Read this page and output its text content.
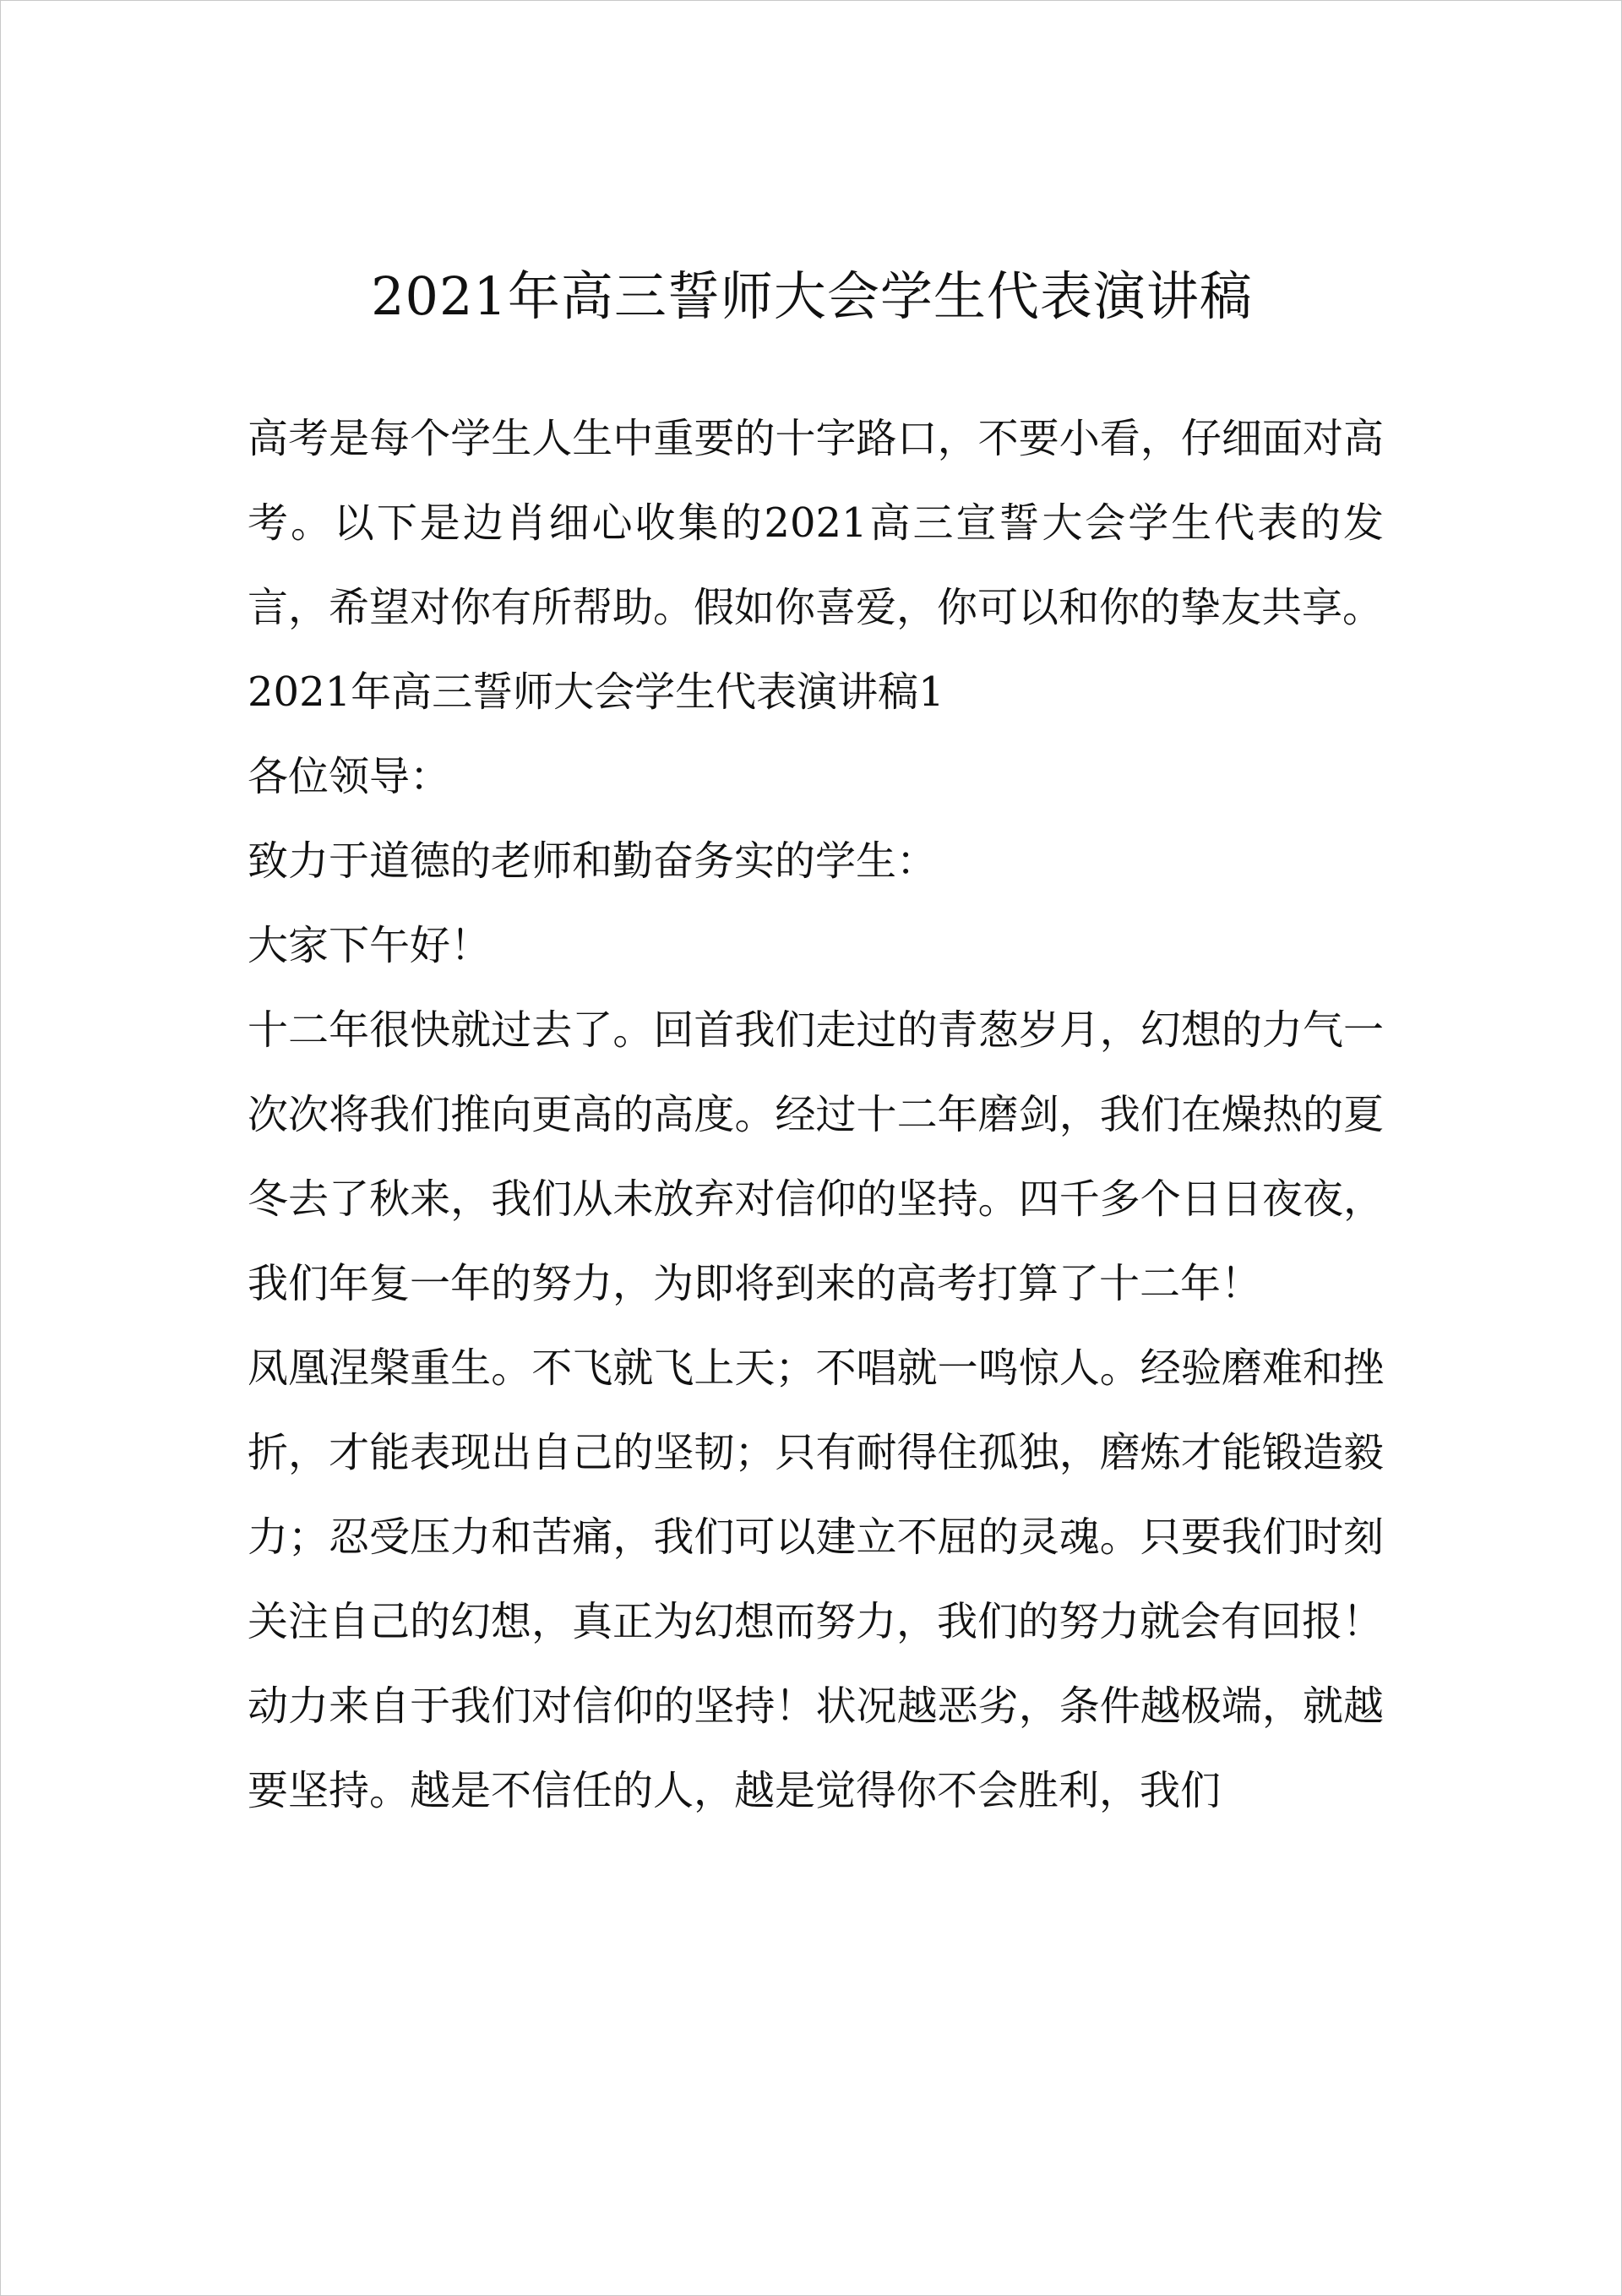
2021年高三誓师大会学生代表演讲稿

高考是每个学生人生中重要的十字路口，不要小看，仔细面对高考。以下是边肖细心收集的2021高三宣誓大会学生代表的发言，希望对你有所帮助。假如你喜爱，你可以和你的挚友共享。

2021年高三誓师大会学生代表演讲稿1

各位领导：

致力于道德的老师和勤奋务实的学生：

大家下午好！

十二年很快就过去了。回首我们走过的青葱岁月，幻想的力气一次次将我们推向更高的高度。经过十二年磨剑，我们在燥热的夏冬去了秋来，我们从未放弃对信仰的坚持。四千多个日日夜夜，我们年复一年的努力，为即将到来的高考打算了十二年！

凤凰涅槃重生。不飞就飞上天；不唱就一鸣惊人。经验磨难和挫折，才能表现出自己的坚韧；只有耐得住孤独，磨炼才能锻造毅力；忍受压力和苦痛，我们可以建立不屈的灵魂。只要我们时刻关注自己的幻想，真正为幻想而努力，我们的努力就会有回报！

动力来自于我们对信仰的坚持！状况越恶劣，条件越极端，就越要坚持。越是不信任的人，越是觉得你不会胜利，我们
